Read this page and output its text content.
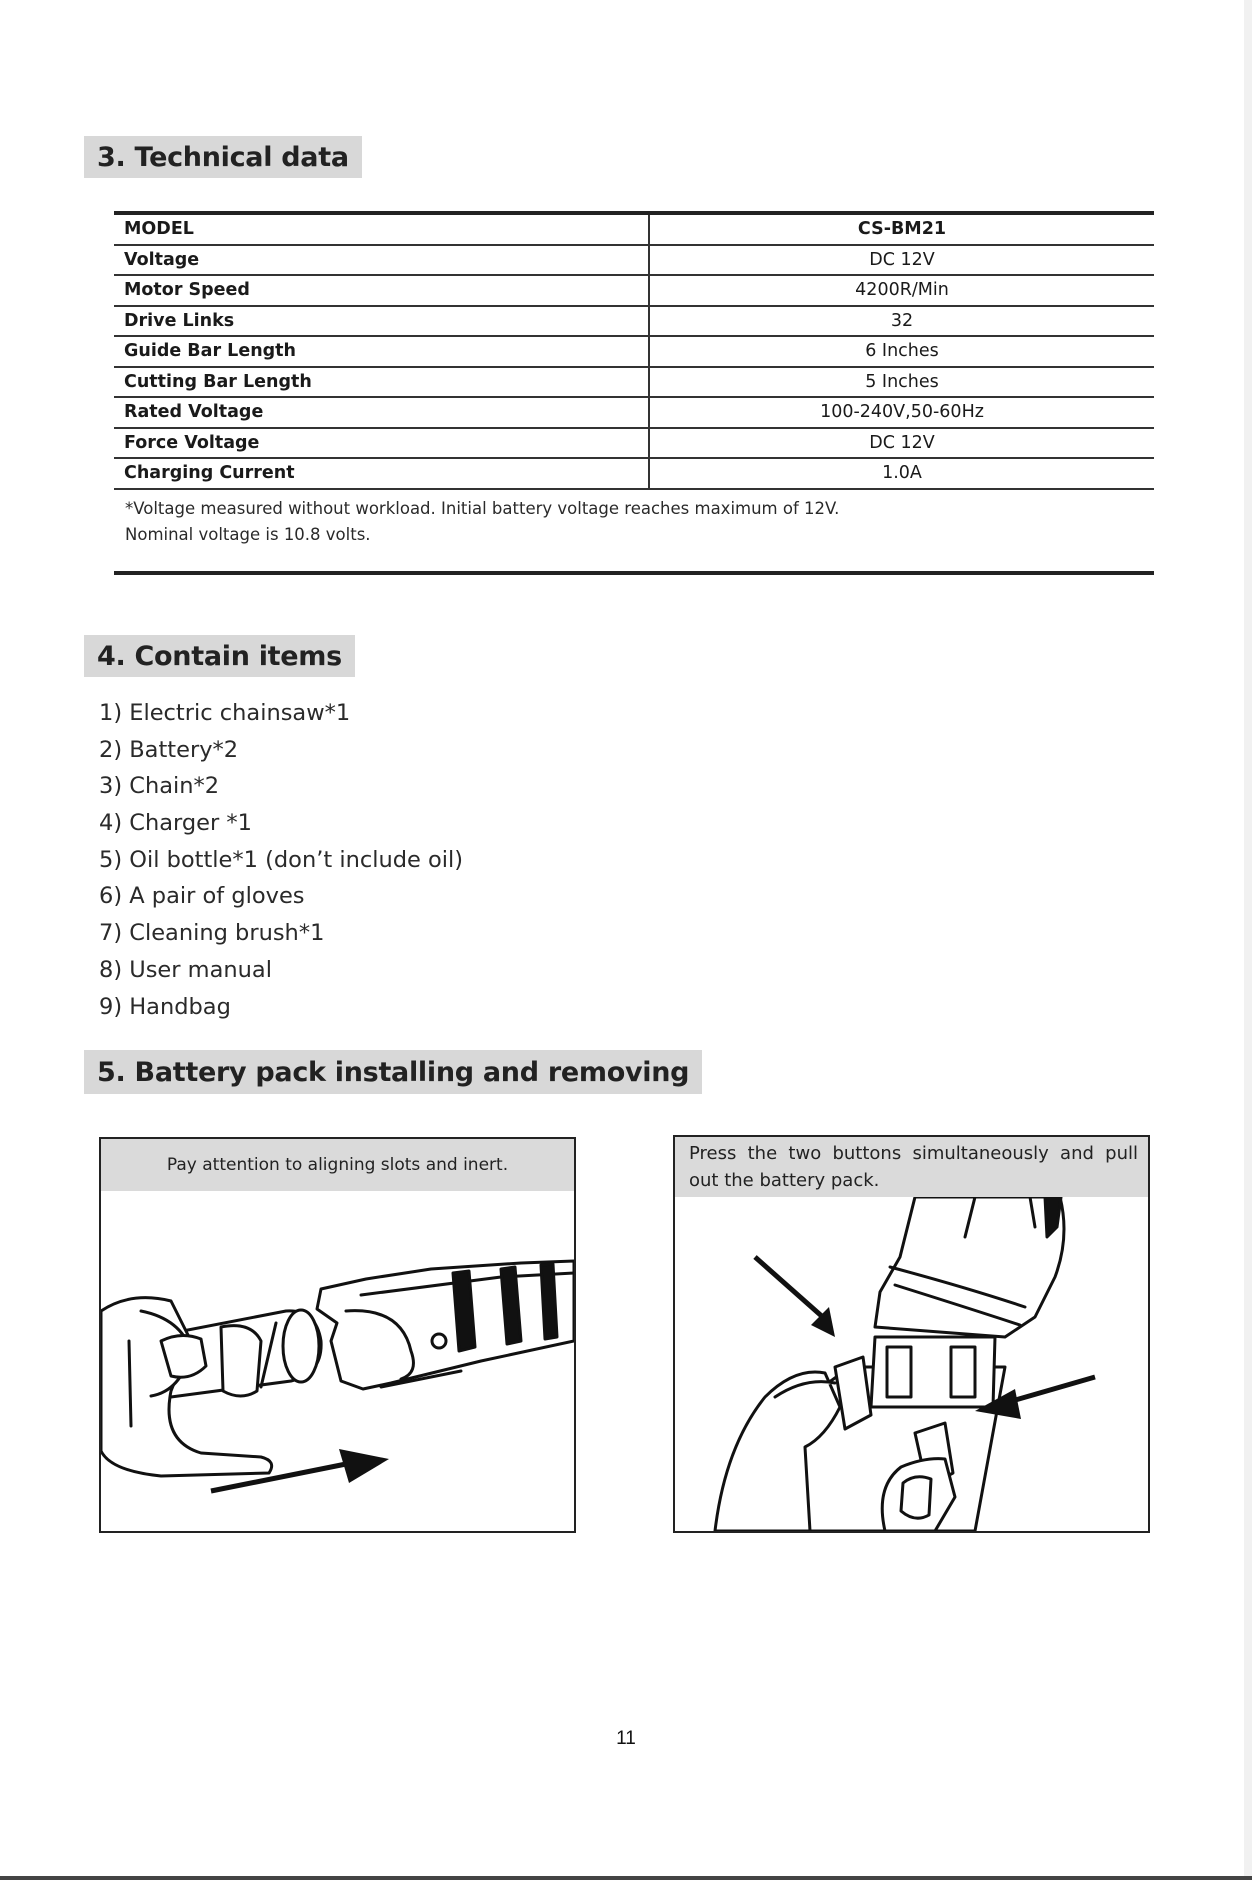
3. Technical data
MODEL	CS-BM21
Voltage	DC 12V
Motor Speed	4200R/Min
Drive Links	32
Guide Bar Length	6 Inches
Cutting Bar Length	5 Inches
Rated Voltage	100-240V,50-60Hz
Force Voltage	DC 12V
Charging Current	1.0A
*Voltage measured without workload. Initial battery voltage reaches maximum of 12V.
Nominal voltage is 10.8 volts.
4. Contain items
1) Electric chainsaw*1
2) Battery*2
3) Chain*2
4) Charger *1
5) Oil bottle*1 (don’t include oil)
6) A pair of gloves
7) Cleaning brush*1
8) User manual
9) Handbag
5. Battery pack installing and removing
Pay attention to aligning slots and inert.
Press the two buttons simultaneously and pull out the battery pack.
11
